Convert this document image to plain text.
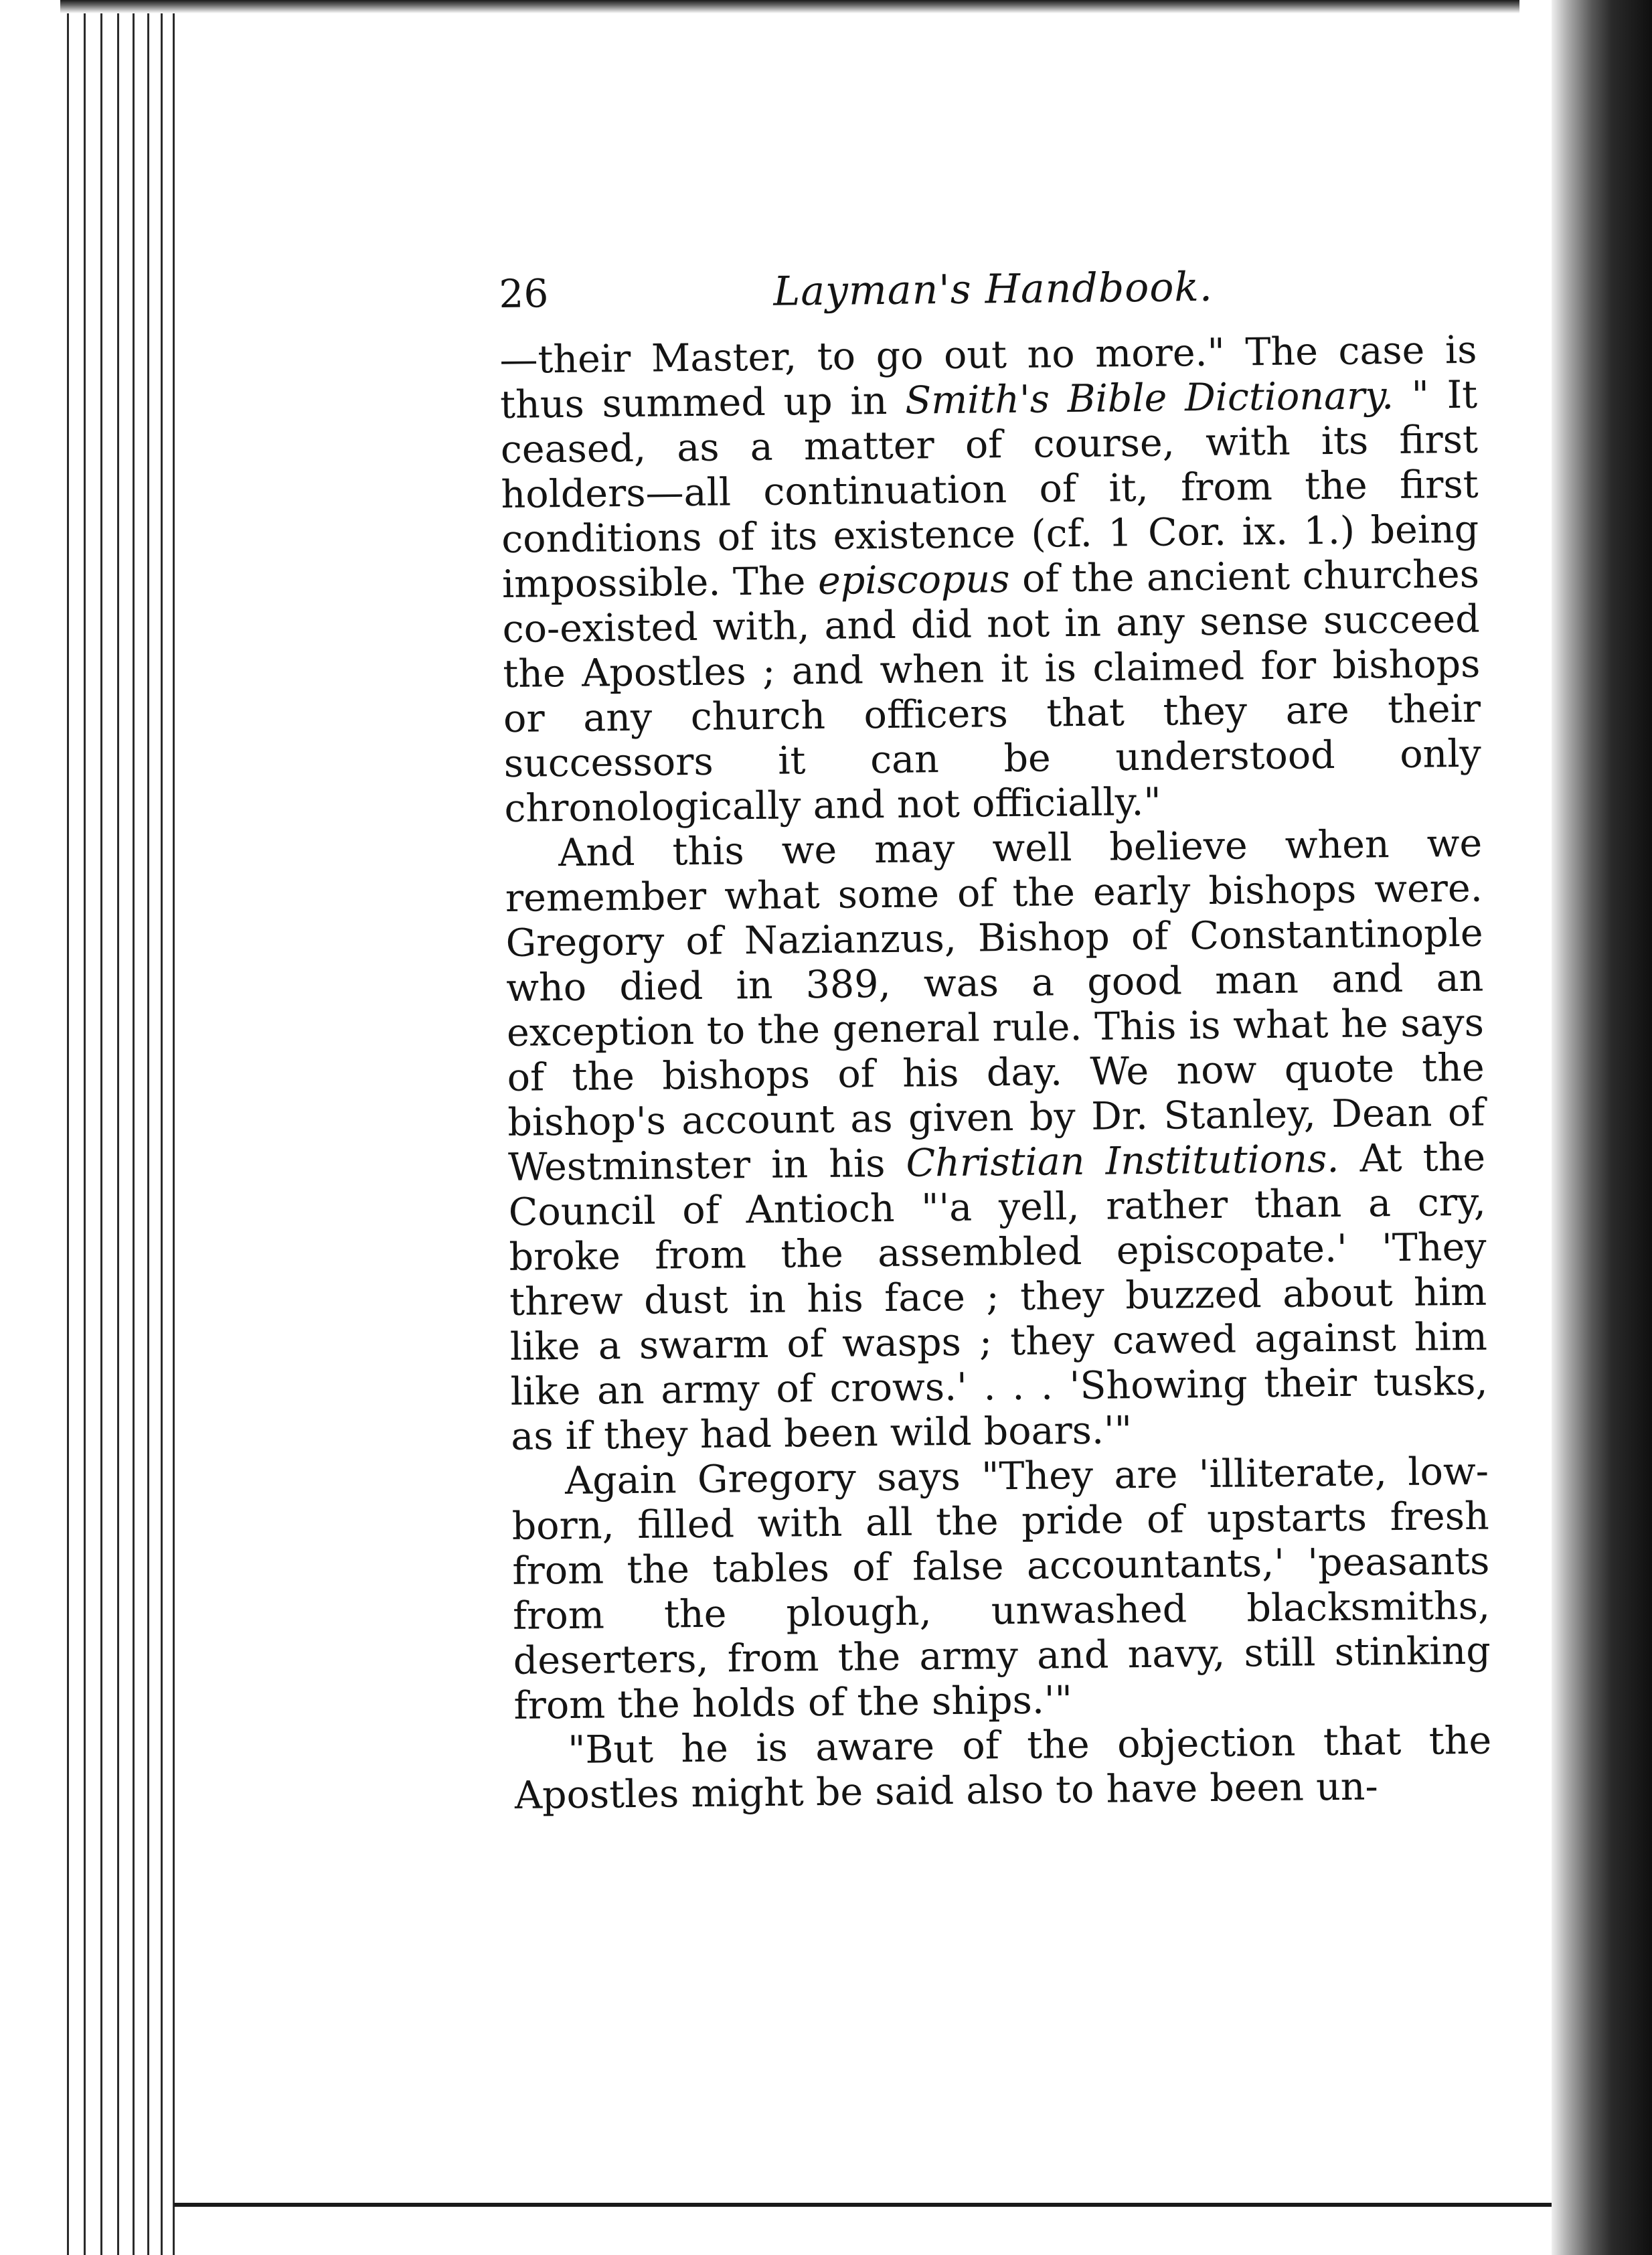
26	Layman's Handbook.

—their Master, to go out no more." The case is thus summed up in Smith's Bible Dictionary. " It ceased, as a matter of course, with its first holders—all continuation of it, from the first conditions of its existence (cf. 1 Cor. ix. 1.) being impossible. The episcopus of the ancient churches co-existed with, and did not in any sense succeed the Apostles ; and when it is claimed for bishops or any church officers that they are their successors it can be understood only chronologically and not officially."

And this we may well believe when we remember what some of the early bishops were. Gregory of Nazianzus, Bishop of Constantinople who died in 389, was a good man and an exception to the general rule. This is what he says of the bishops of his day. We now quote the bishop's account as given by Dr. Stanley, Dean of Westminster in his Christian Institutions. At the Council of Antioch "'a yell, rather than a cry, broke from the assembled episcopate.' 'They threw dust in his face ; they buzzed about him like a swarm of wasps ; they cawed against him like an army of crows.' . . . 'Showing their tusks, as if they had been wild boars.'"

Again Gregory says "They are 'illiterate, low-born, filled with all the pride of upstarts fresh from the tables of false accountants,' 'peasants from the plough, unwashed blacksmiths, deserters, from the army and navy, still stinking from the holds of the ships.'"

"But he is aware of the objection that the Apostles might be said also to have been un-
